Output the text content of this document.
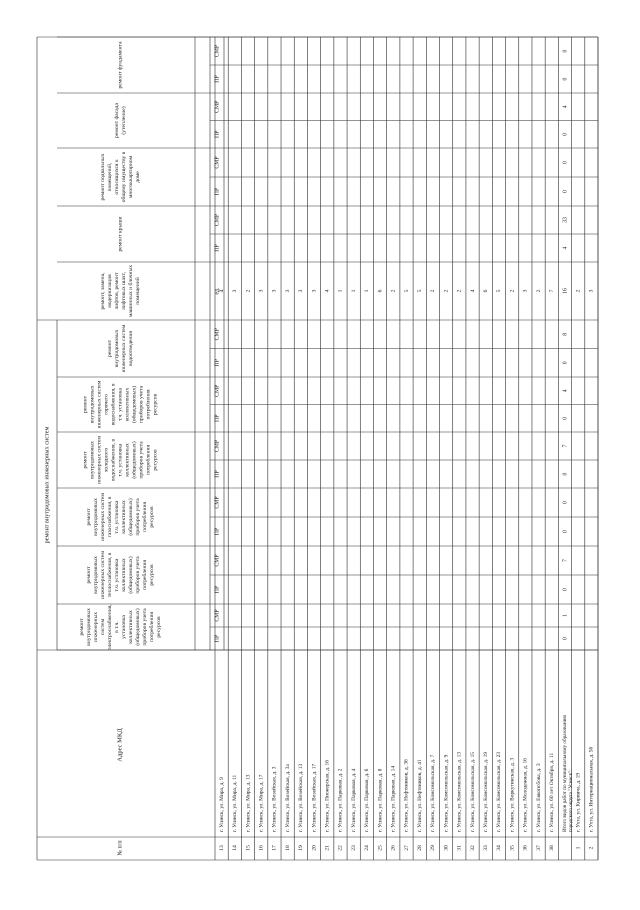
ремонт внутридомовых инженерных систем
ремонт фундамента
ремонт фасада(утепление)
ремонт подвальныхпомещений,относящихся кобщему имуществу вмногоквартирномдоме
ремонт крыши
ремонт, замена,модернизациялифтов, ремонтлифтовых шахт,машинных и блочныхпомещений
ремонтвнутридомовыхинженерных системводоотведения
ремонтвнутридомовыхинженерных системгорячеговодоснабжения, вт.ч. установкаколлективных(общедомовых)приборов учетапотребленияресурсов
ремонтвнутридомовыхинженерных системхолодноговодоснабжения, вт.ч. установкаколлективных(общедомовых)приборов учетапотребленияресурсов
ремонтвнутридомовыхинженерных системгазоснабжения, вт.ч. установкаколлективных(общедомовых)приборов учетапотребленияресурсов
ремонтвнутридомовыхинженерных системтеплоснабжения, вт.ч. установкаколлективных(общедомовых)приборов учетапотребленияресурсов
ремонтвнутридомовыхинженерныхсистемэлектроснабжения,в т.ч.установкаколлективных(общедомовых)приборов учетапотребленияресурсов
ПР
СМР
ПР
СМР
ПР
СМР
ПР
СМР
ед.
ПР
СМР
ПР
СМР
ПР
СМР
ПР
СМР
ПР
СМР
ПР
СМР
Адрес МКД
№ п/п	13
г. Усинск, ул. Мира, д. 9
4
14
г. Усинск, ул. Мира, д. 11
3
15
г. Усинск, ул. Мира, д. 13
2
16
г. Усинск, ул. Мира, д. 17
3
17
г. Усинск, ул. Возейская, д. 3
3
18
г. Усинск, ул. Возейская, д. 3а
3
19
г. Усинск, ул. Возейская, д. 13
3
20
г. Усинск, ул. Возейская, д. 17
3
21
г. Усинск, ул. Пионерская, д. 16
4
22
г. Усинск, ул. Парковая, д. 2
1
23
г. Усинск, ул. Парковая, д. 4
1
24
г. Усинск, ул. Парковая, д. 6
1
25
г. Усинск, ул. Парковая, д. 8
6
26
г. Усинск, ул. Парковая, д. 14
2
27
г. Усинск, ул. Нефтяников, д. 36
5
28
г. Усинск, ул. Нефтяников, д. 41
5
29
г. Усинск, ул. Комсомольская, д. 7
2
30
г. Усинск, ул. Комсомольская, д. 9
2
31
г. Усинск, ул. Комсомольская, д. 13
2
32
г. Усинск, ул. Комсомольская, д. 15
4
33
г. Усинск, ул. Комсомольская, д. 19
6
34
г. Усинск, ул. Комсомольская, д. 23
5
35
г. Усинск, ул. Воркутинская, д. 3
2
36
г. Усинск, ул. Молодежная, д. 16
3
37
г. Усинск, ул. Евкопсбова, д. 3
2
38
г. Усинск, ул. 60 лет Октября, д. 11
7
Итого видов работ по муниципальному образованию городского округа "Усинск":
0
1
0
7
0
0
0
7
0
4
0
8
4
33
0
0
0
4
0
0
16
1
г. Ухта, ул. Кирпича, д. 19
2
2
г. Ухта, ул. Интернациональная, д. 56
3
